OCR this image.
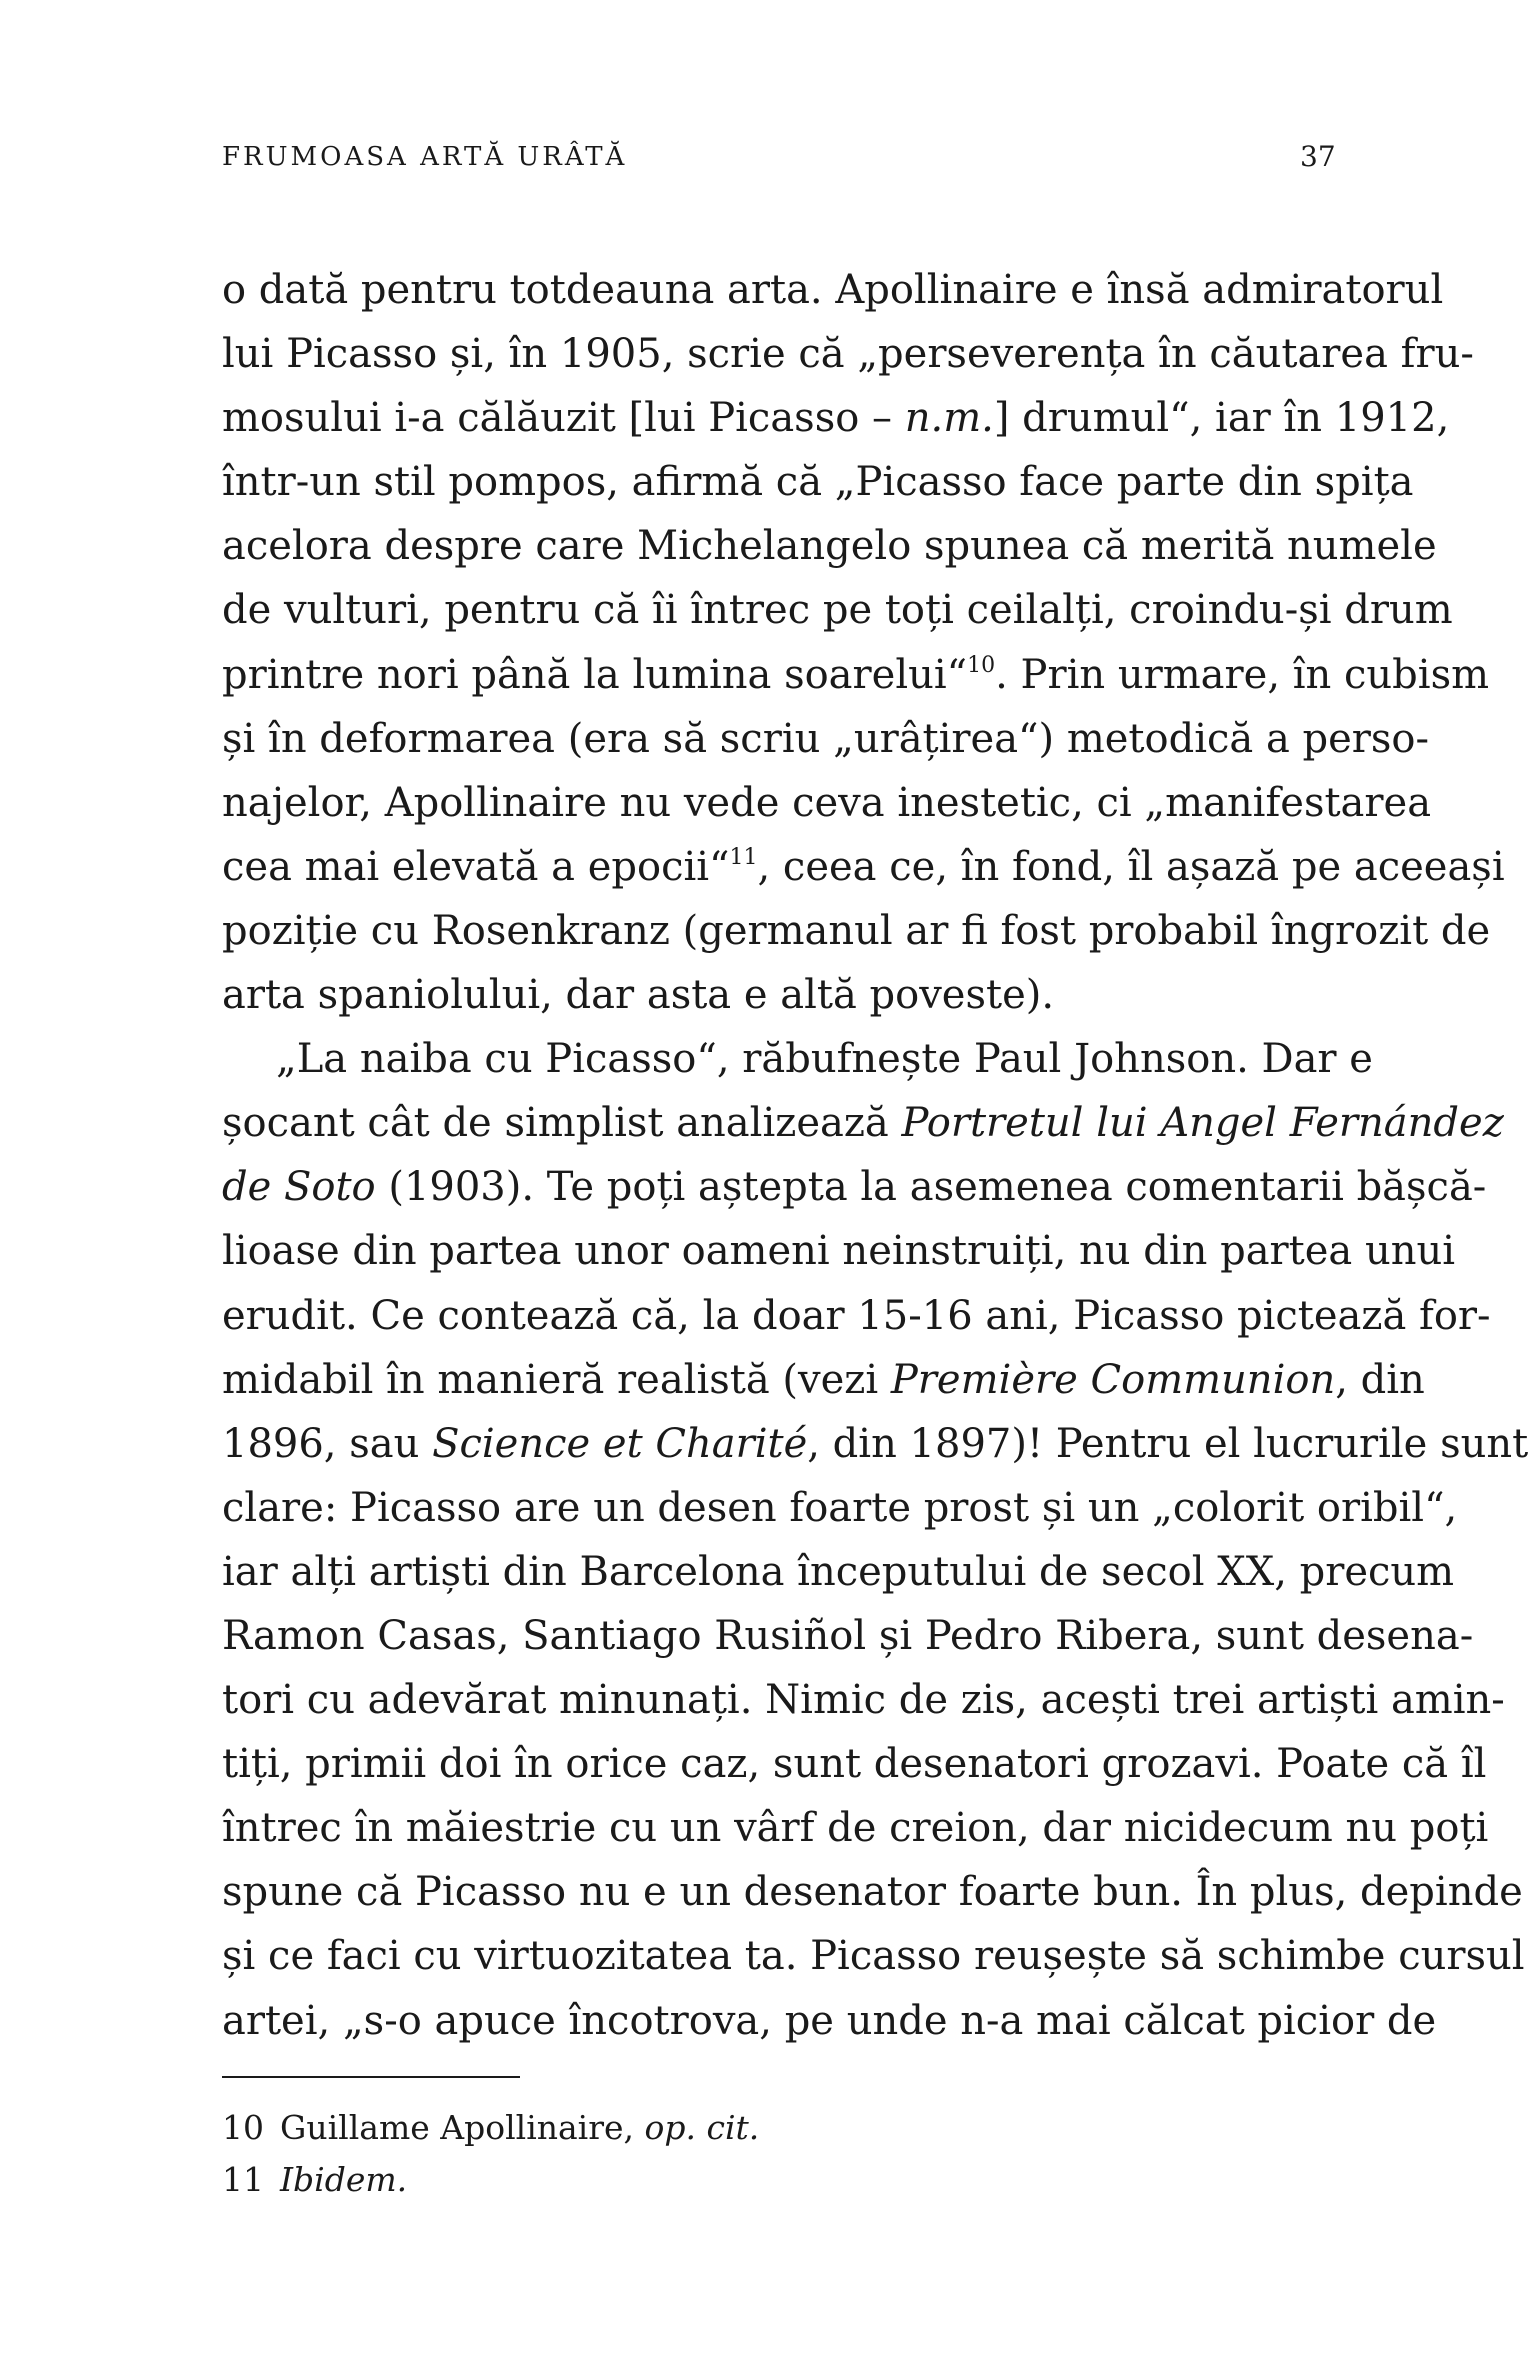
FRUMOASA ARTĂ URÂTĂ	37
o dată pentru totdeauna arta. Apollinaire e însă admiratorul
lui Picasso și, în 1905, scrie că „perseverența în căutarea fru-
mosului i-a călăuzit [lui Picasso – n.m.] drumul“, iar în 1912,
într-un stil pompos, afirmă că „Picasso face parte din spița
acelora despre care Michelangelo spunea că merită numele
de vulturi, pentru că îi întrec pe toți ceilalți, croindu-și drum
printre nori până la lumina soarelui“$^{10}$. Prin urmare, în cubism
și în deformarea (era să scriu „urâțirea“) metodică a perso-
najelor, Apollinaire nu vede ceva inestetic, ci „manifestarea
cea mai elevată a epocii“$^{11}$, ceea ce, în fond, îl așază pe aceeași
poziție cu Rosenkranz (germanul ar fi fost probabil îngrozit de
arta spaniolului, dar asta e altă poveste).
„La naiba cu Picasso“, răbufnește Paul Johnson. Dar e
șocant cât de simplist analizează Portretul lui Angel Fernández
de Soto (1903). Te poți aștepta la asemenea comentarii bășcă-
lioase din partea unor oameni neinstruiți, nu din partea unui
erudit. Ce contează că, la doar 15-16 ani, Picasso pictează for-
midabil în manieră realistă (vezi Première Communion, din
1896, sau Science et Charité, din 1897)! Pentru el lucrurile sunt
clare: Picasso are un desen foarte prost și un „colorit oribil“,
iar alți artiști din Barcelona începutului de secol XX, precum
Ramon Casas, Santiago Rusiñol și Pedro Ribera, sunt desena-
tori cu adevărat minunați. Nimic de zis, acești trei artiști amin-
tiți, primii doi în orice caz, sunt desenatori grozavi. Poate că îl
întrec în măiestrie cu un vârf de creion, dar nicidecum nu poți
spune că Picasso nu e un desenator foarte bun. În plus, depinde
și ce faci cu virtuozitatea ta. Picasso reușește să schimbe cursul
artei, „s-o apuce încotrova, pe unde n-a mai călcat picior de
10 Guillame Apollinaire, op. cit.
11 Ibidem.
